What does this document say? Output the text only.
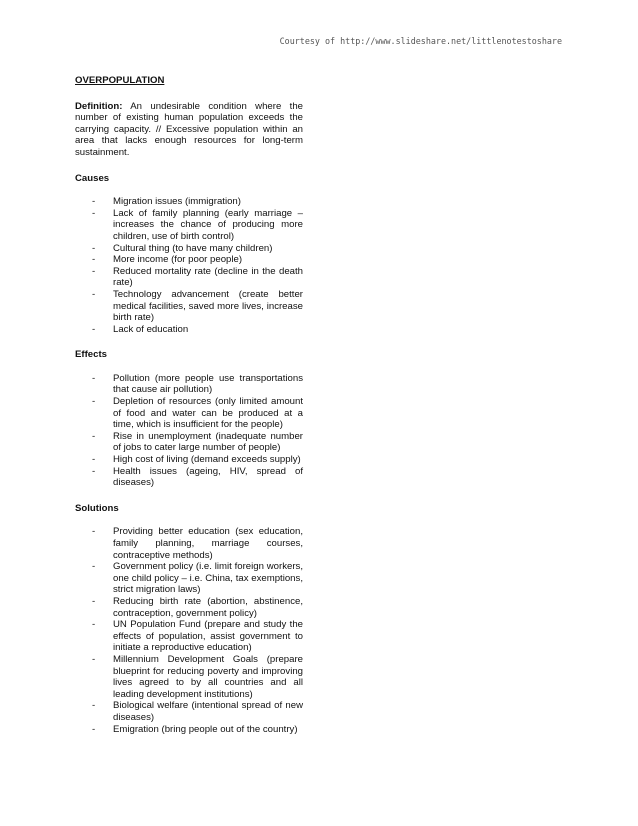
Courtesy of http://www.slideshare.net/littlenotestoshare
OVERPOPULATION

Definition: An undesirable condition where the number of existing human population exceeds the carrying capacity. // Excessive population within an area that lacks enough resources for long-term sustainment.

Causes
- Migration issues (immigration)
- Lack of family planning (early marriage – increases the chance of producing more children, use of birth control)
- Cultural thing (to have many children)
- More income (for poor people)
- Reduced mortality rate (decline in the death rate)
- Technology advancement (create better medical facilities, saved more lives, increase birth rate)
- Lack of education
Effects
- Pollution (more people use transportations that cause air pollution)
- Depletion of resources (only limited amount of food and water can be produced at a time, which is insufficient for the people)
- Rise in unemployment (inadequate number of jobs to cater large number of people)
- High cost of living (demand exceeds supply)
- Health issues (ageing, HIV, spread of diseases)
Solutions
- Providing better education (sex education, family planning, marriage courses, contraceptive methods)
- Government policy (i.e. limit foreign workers, one child policy – i.e. China, tax exemptions, strict migration laws)
- Reducing birth rate (abortion, abstinence, contraception, government policy)
- UN Population Fund (prepare and study the effects of population, assist government to initiate a reproductive education)
- Millennium Development Goals (prepare blueprint for reducing poverty and improving lives agreed to by all countries and all leading development institutions)
- Biological welfare (intentional spread of new diseases)
- Emigration (bring people out of the country)
